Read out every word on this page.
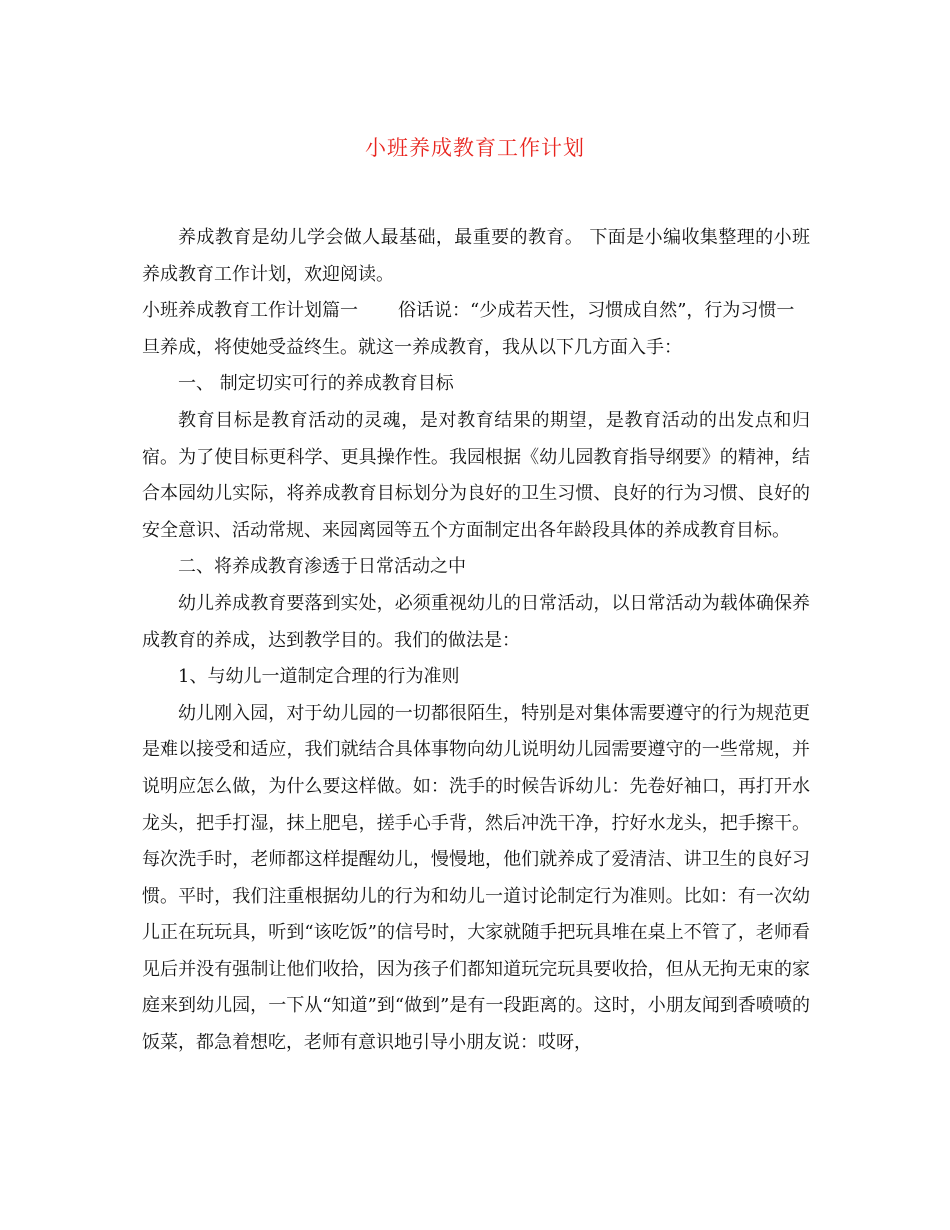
小班养成教育工作计划

养成教育是幼儿学会做人最基础，最重要的教育。 下面是小编收集整理的小班养成教育工作计划，欢迎阅读。

小班养成教育工作计划篇一 俗话说：“少成若天性，习惯成自然”，行为习惯一

旦养成，将使她受益终生。就这一养成教育，我从以下几方面入手：

一、 制定切实可行的养成教育目标

教育目标是教育活动的灵魂，是对教育结果的期望，是教育活动的出发点和归宿。为了使目标更科学、更具操作性。我园根据《幼儿园教育指导纲要》的精神，结合本园幼儿实际，将养成教育目标划分为良好的卫生习惯、良好的行为习惯、良好的安全意识、活动常规、来园离园等五个方面制定出各年龄段具体的养成教育目标。

二、将养成教育渗透于日常活动之中

幼儿养成教育要落到实处，必须重视幼儿的日常活动，以日常活动为载体确保养成教育的养成，达到教学目的。我们的做法是：

1、与幼儿一道制定合理的行为准则

幼儿刚入园，对于幼儿园的一切都很陌生，特别是对集体需要遵守的行为规范更是难以接受和适应，我们就结合具体事物向幼儿说明幼儿园需要遵守的一些常规，并说明应怎么做，为什么要这样做。如：洗手的时候告诉幼儿：先卷好袖口，再打开水龙头，把手打湿，抹上肥皂，搓手心手背，然后冲洗干净，拧好水龙头，把手擦干。每次洗手时，老师都这样提醒幼儿，慢慢地，他们就养成了爱清洁、讲卫生的良好习惯。平时，我们注重根据幼儿的行为和幼儿一道讨论制定行为准则。比如：有一次幼儿正在玩玩具，听到“该吃饭”的信号时，大家就随手把玩具堆在桌上不管了，老师看见后并没有强制让他们收拾，因为孩子们都知道玩完玩具要收拾，但从无拘无束的家庭来到幼儿园，一下从“知道”到“做到”是有一段距离的。这时，小朋友闻到香喷喷的饭菜，都急着想吃，老师有意识地引导小朋友说：哎呀，
